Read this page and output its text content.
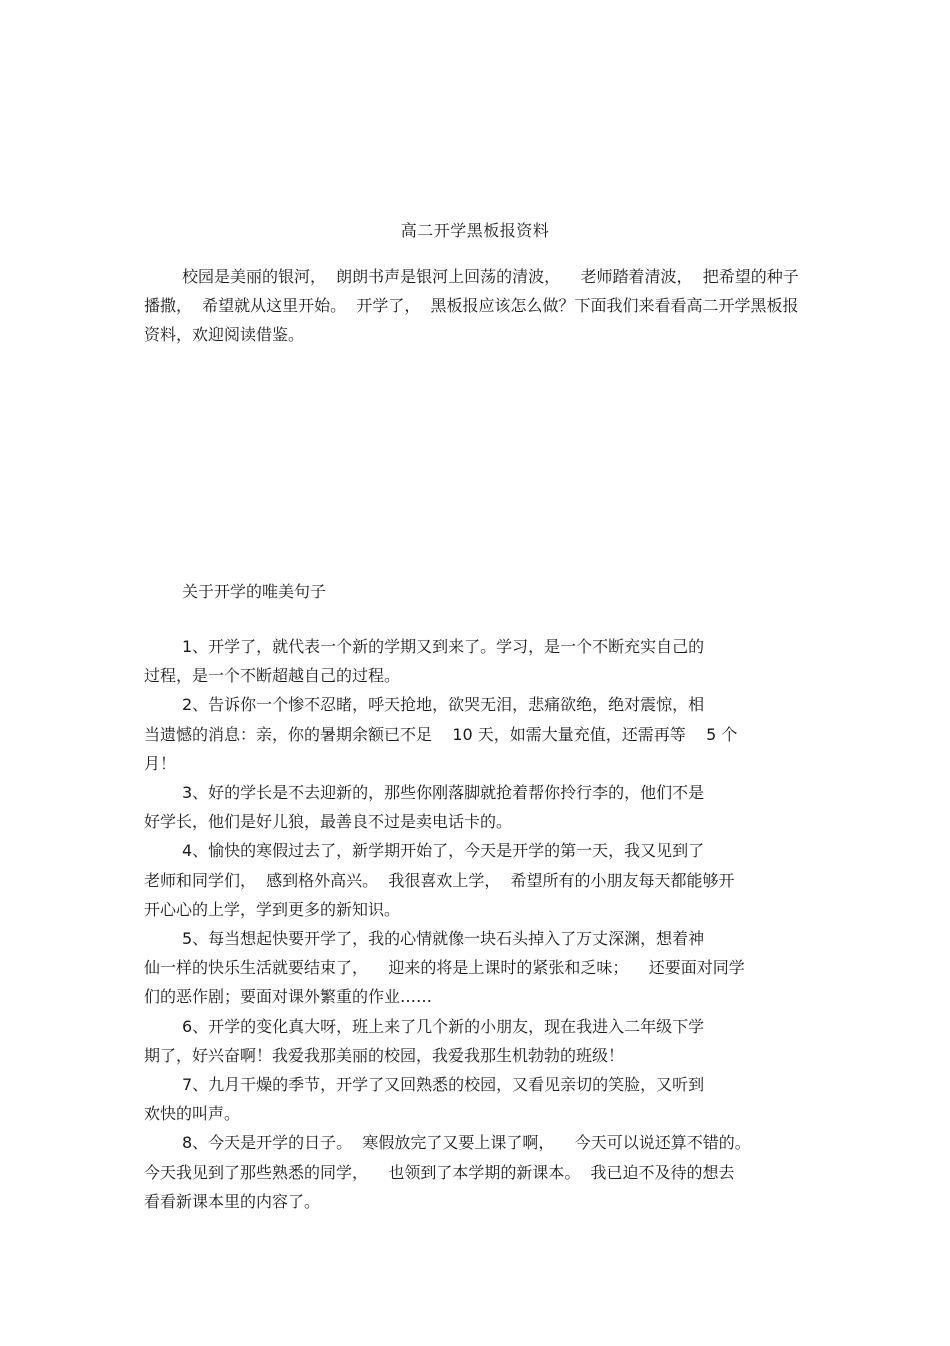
高二开学黑板报资料

校园是美丽的银河，  朗朗书声是银河上回荡的清波，    老师踏着清波，  把希望的种子播撒，  希望就从这里开始。  开学了，  黑板报应该怎么做？下面我们来看看高二开学黑板报资料，欢迎阅读借鉴。

关于开学的唯美句子

1、开学了，就代表一个新的学期又到来了。学习，是一个不断充实自己的
过程，是一个不断超越自己的过程。
2、告诉你一个惨不忍睹，呼天抢地，欲哭无泪，悲痛欲绝，绝对震惊，相
当遗憾的消息：亲，你的暑期余额已不足    10 天，如需大量充值，还需再等    5 个
月！
3、好的学长是不去迎新的，那些你刚落脚就抢着帮你拎行李的，他们不是
好学长，他们是好儿狼，最善良不过是卖电话卡的。
4、愉快的寒假过去了，新学期开始了，今天是开学的第一天，我又见到了
老师和同学们，  感到格外高兴。  我很喜欢上学，  希望所有的小朋友每天都能够开
开心心的上学，学到更多的新知识。
5、每当想起快要开学了，我的心情就像一块石头掉入了万丈深渊，想着神
仙一样的快乐生活就要结束了，    迎来的将是上课时的紧张和乏味；    还要面对同学
们的恶作剧；要面对课外繁重的作业……
6、开学的变化真大呀，班上来了几个新的小朋友，现在我进入二年级下学
期了，好兴奋啊！我爱我那美丽的校园，我爱我那生机勃勃的班级！
7、九月干燥的季节，开学了又回熟悉的校园，又看见亲切的笑脸，又听到
欢快的叫声。
8、今天是开学的日子。  寒假放完了又要上课了啊，    今天可以说还算不错的。
今天我见到了那些熟悉的同学，    也领到了本学期的新课本。  我已迫不及待的想去
看看新课本里的内容了。
